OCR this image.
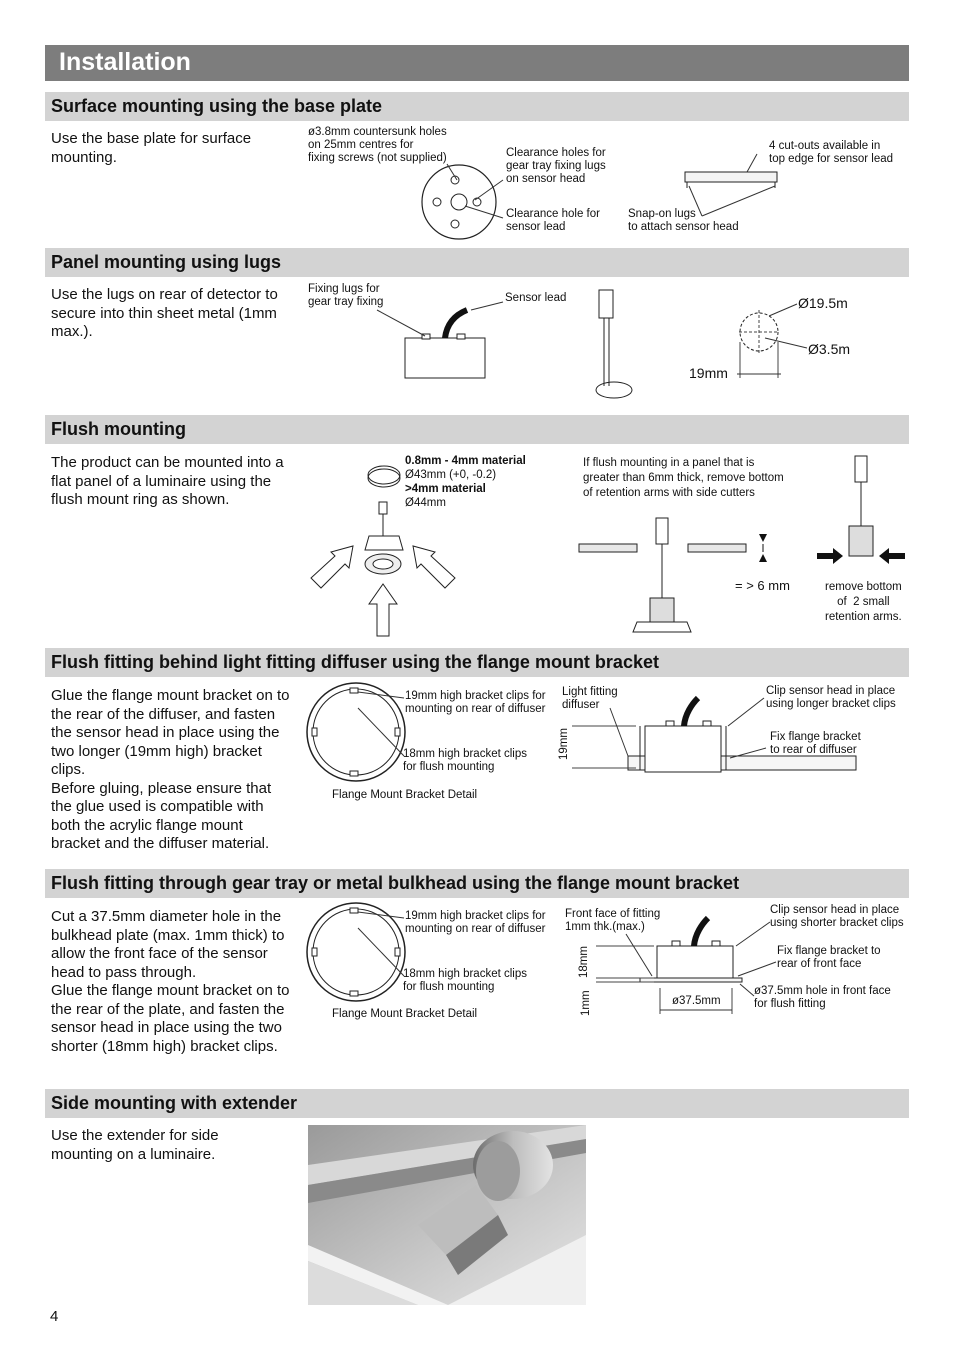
Installation
Surface mounting using the base plate
Use the base plate for surface mounting.
ø3.8mm countersunk holes
on 25mm centres for
fixing screws (not supplied)	Clearance holes for
gear tray fixing lugs
on sensor head
Clearance hole for
sensor lead
4 cut-outs available in
top edge for sensor lead
Snap-on lugs
to attach sensor head
Panel mounting using lugs
Use the lugs on rear of detector to secure into thin sheet metal (1mm max.).
Fixing lugs for
gear tray fixing	Sensor lead	Ø19.5m
Ø3.5m
19mm
Flush mounting
The product can be mounted into a flat panel of a luminaire using the flush mount ring as shown.
0.8mm - 4mm material
Ø43mm (+0, -0.2)
>4mm material
Ø44mm
If flush mounting in a panel that is
greater than 6mm thick, remove bottom
of retention arms with side cutters
= > 6 mm	remove bottom
of  2 small
retention arms.
Flush fitting behind light fitting diffuser using the flange mount bracket
Glue the flange mount bracket on to the rear of the diffuser, and fasten the sensor head in place using the two longer (19mm high) bracket clips.
Before gluing, please ensure that the glue used is compatible with both the acrylic flange mount bracket and the diffuser material.
19mm high bracket clips for
mounting on rear of diffuser
18mm high bracket clips
for flush mounting
Flange Mount Bracket Detail
Light fitting
diffuser
Clip sensor head in place
using longer bracket clips
Fix flange bracket
to rear of diffuser
19mm
Flush fitting through gear tray or metal bulkhead using the flange mount bracket
Cut a 37.5mm diameter hole in the bulkhead plate (max. 1mm thick) to allow the front face of the sensor head to pass through.
Glue the flange mount bracket on to the rear of the plate, and fasten the sensor head in place using the two shorter (18mm high) bracket clips.
19mm high bracket clips for
mounting on rear of diffuser
18mm high bracket clips
for flush mounting
Flange Mount Bracket Detail
Front face of fitting
1mm thk.(max.)
Clip sensor head in place
using shorter bracket clips
Fix flange bracket to
rear of front face
ø37.5mm hole in front face
for flush fitting
18mm
1mm	ø37.5mm
Side mounting with extender
Use the extender for side mounting on a luminaire.
4
